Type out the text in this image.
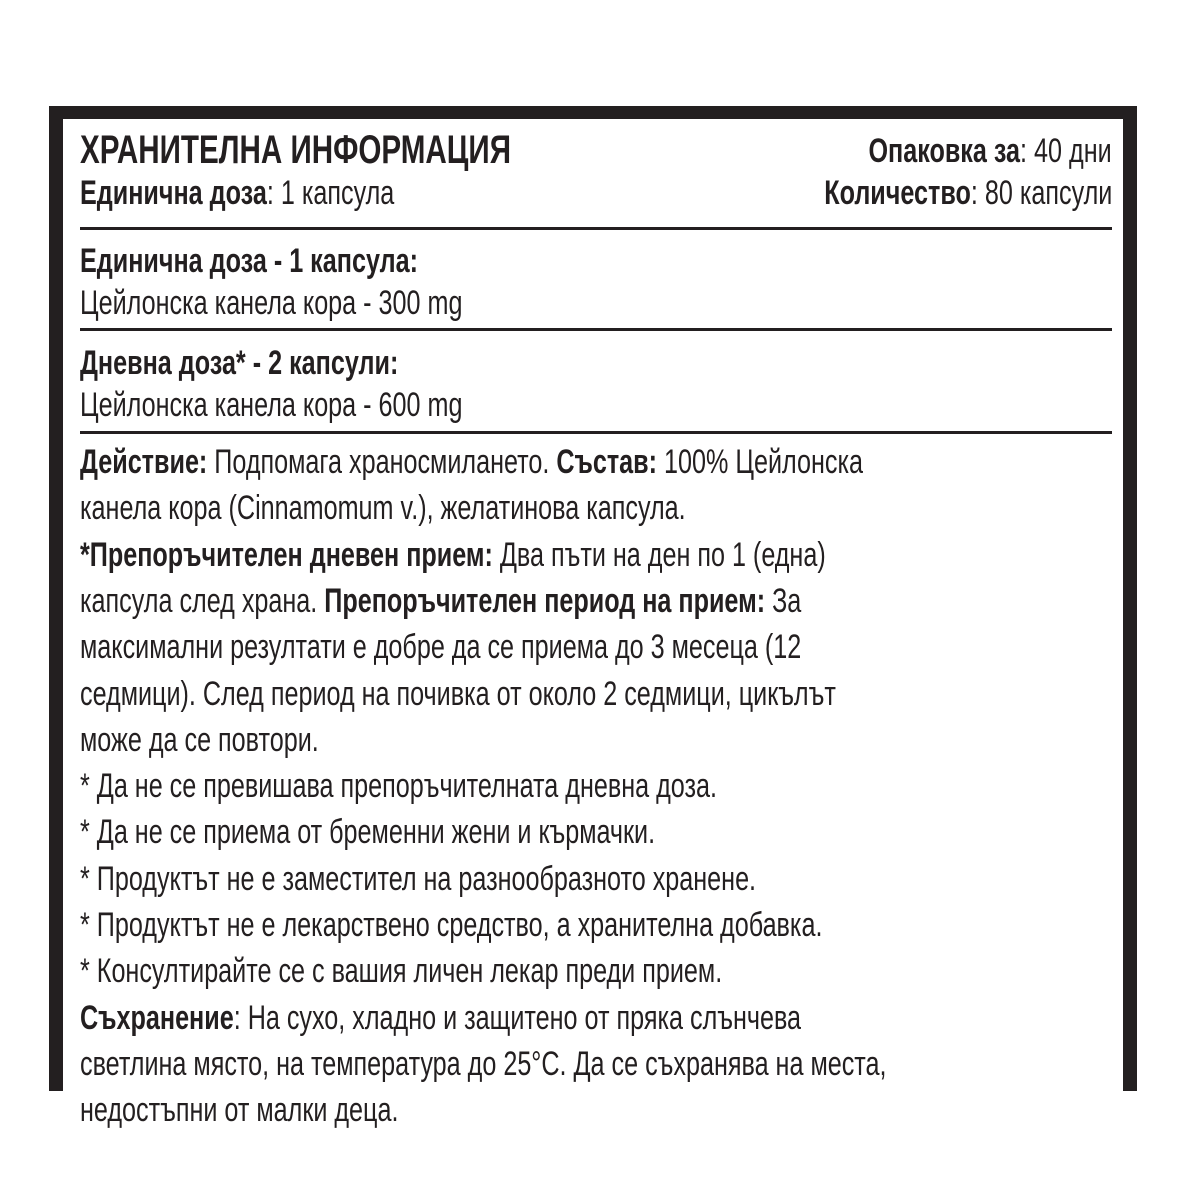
ХРАНИТЕЛНА ИНФОРМАЦИЯ	Опаковка за: 40 дни
Единична доза: 1 капсула	Количество: 80 капсули
Единична доза - 1 капсула:
Цейлонска канела кора - 300 mg
Дневна доза* - 2 капсули:
Цейлонска канела кора - 600 mg
Действие: Подпомага храносмилането. Състав: 100% Цейлонска
канела кора (Cinnamomum v.), желатинова капсула.
*Препоръчителен дневен прием: Два пъти на ден по 1 (една)
капсула след храна. Препоръчителен период на прием: За
максимални резултати е добре да се приема до 3 месеца (12
седмици). След период на почивка от около 2 седмици, цикълът
може да се повтори.
* Да не се превишава препоръчителната дневна доза.
* Да не се приема от бременни жени и кърмачки.
* Продуктът не е заместител на разнообразното хранене.
* Продуктът не е лекарствено средство, а хранителна добавка.
* Консултирайте се с вашия личен лекар преди прием.
Съхранение: На сухо, хладно и защитено от пряка слънчева
светлина място, на температура до 25°C. Да се съхранява на места,
недостъпни от малки деца.
